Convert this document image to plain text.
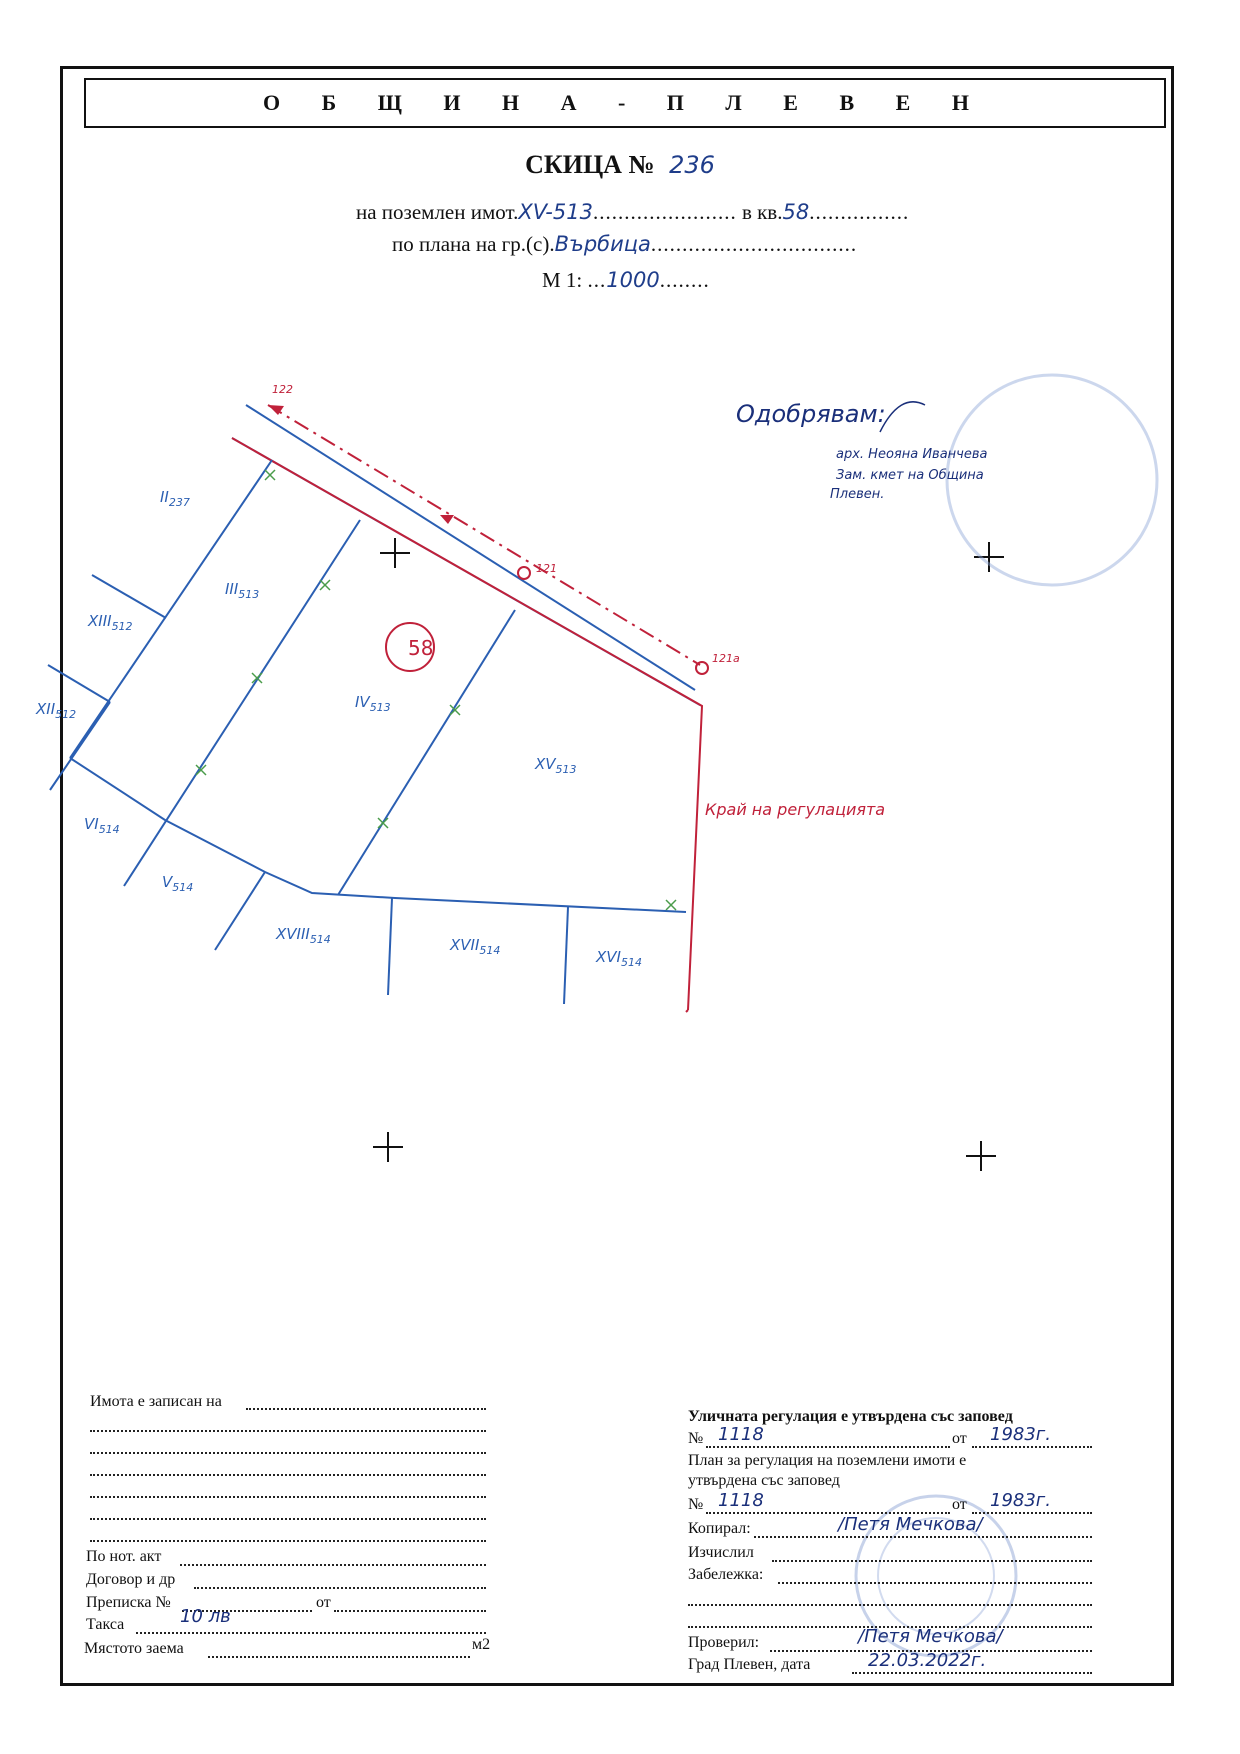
О Б Щ И Н А - П Л Е В Е Н
СКИЦА № 236
на поземлен имот.XV-513....................... в кв.58................
по плана на гр.(с).Върбица.................................
М 1: ...1000........
58
122
121
121а
Край на регулацията
$II_{237}$
$III_{513}$
$XIII_{512}$
$XII_{512}$
$IV_{513}$
$XV_{513}$
$VI_{514}$
$V_{514}$
$XVIII_{514}$	$XVII_{514}$	$XVI_{514}$
Одобрявам:
арх. Неояна Иванчева
Зам. кмет на Община
Плевен.
Имота е записан на
По нот. акт
Договор и др
Преписка №	от
Такса	10 лв
Мястото заема	м2
Уличната регулация е утвърдена със заповед
№ 1118	от 1983г.
План за регулация на поземлени имоти е
утвърдена със заповед
№ 1118	от 1983г.
Копирал:	/Петя Мечкова/
Изчислил
Забележка:
Проверил:	/Петя Мечкова/
Град Плевен, дата	22.03.2022г.
